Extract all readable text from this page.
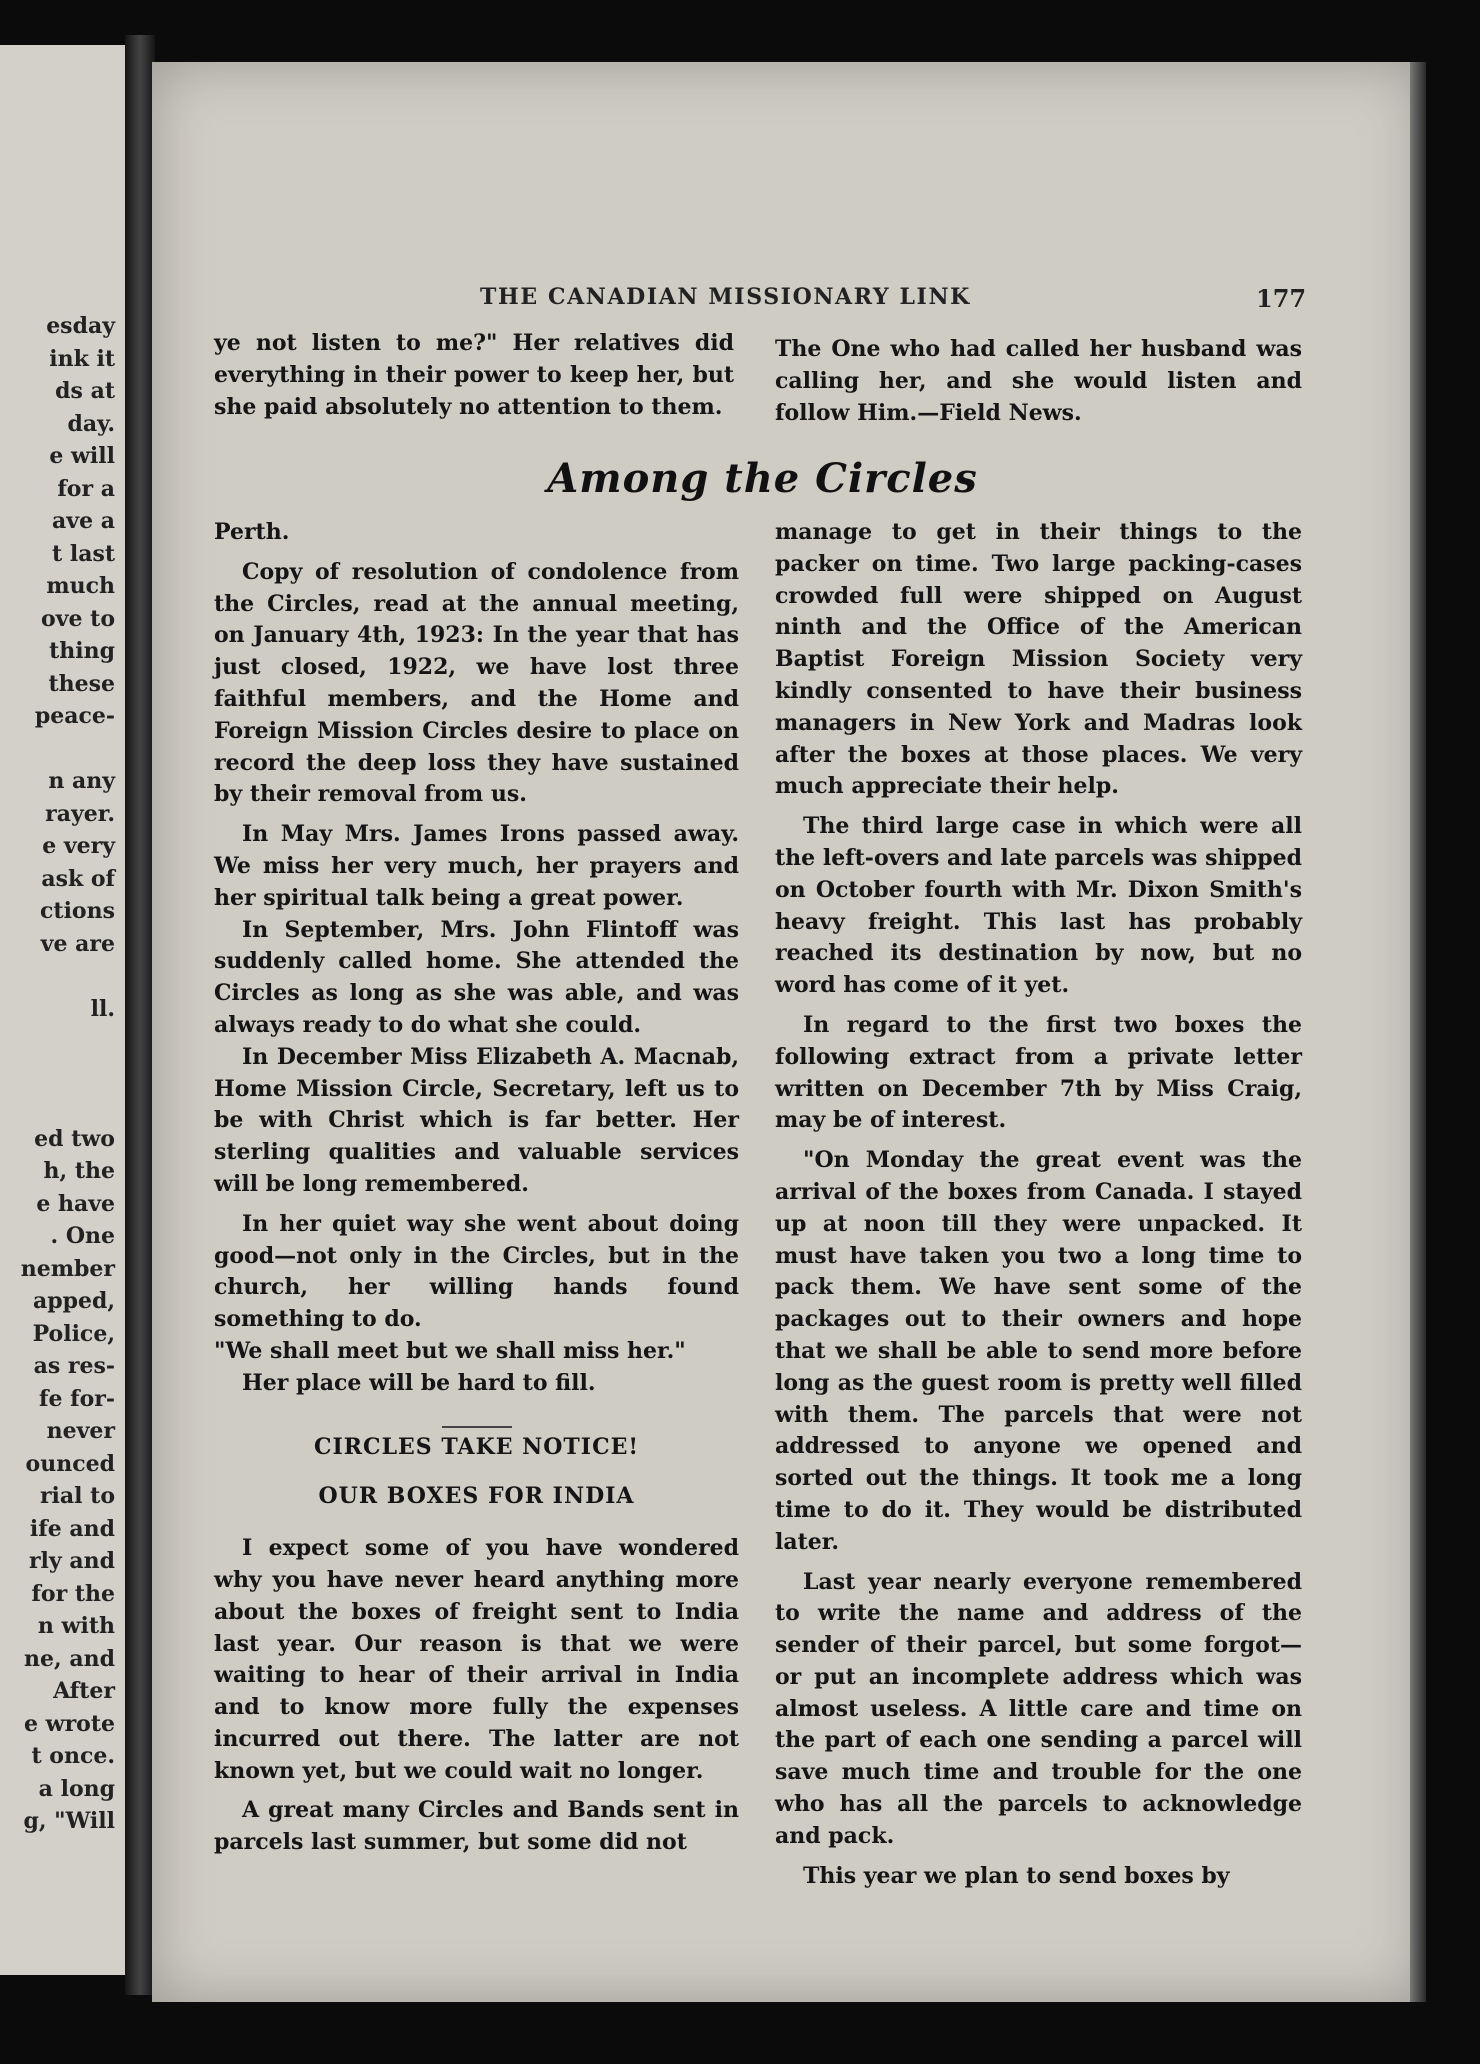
esday
ink it
ds at
day.
e will
for a
ave a
t last
much
ove to
thing
these
peace-
n any
rayer.
e very
ask of
ctions
ve are
ll.
ed two
h, the
e have
. One
nember
apped,
Police,
as res-
fe for-
never
ounced
rial to
ife and
rly and
for the
n with
ne, and
After
e wrote
t once.
a long
g, "Will
THE CANADIAN MISSIONARY LINK	177

ye not listen to me?" Her relatives did everything in their power to keep her, but she paid absolutely no attention to them.

The One who had called her husband was calling her, and she would listen and follow Him.—Field News.

Among the Circles

Perth.

Copy of resolution of condolence from the Circles, read at the annual meeting, on January 4th, 1923: In the year that has just closed, 1922, we have lost three faithful members, and the Home and Foreign Mission Circles desire to place on record the deep loss they have sustained by their removal from us.

In May Mrs. James Irons passed away. We miss her very much, her prayers and her spiritual talk being a great power.

In September, Mrs. John Flintoff was suddenly called home. She attended the Circles as long as she was able, and was always ready to do what she could.

In December Miss Elizabeth A. Macnab, Home Mission Circle, Secretary, left us to be with Christ which is far better. Her sterling qualities and valuable services will be long remembered.

In her quiet way she went about doing good—not only in the Circles, but in the church, her willing hands found something to do.

"We shall meet but we shall miss her."

Her place will be hard to fill.

CIRCLES TAKE NOTICE!

OUR BOXES FOR INDIA

I expect some of you have wondered why you have never heard anything more about the boxes of freight sent to India last year. Our reason is that we were waiting to hear of their arrival in India and to know more fully the expenses incurred out there. The latter are not known yet, but we could wait no longer.

A great many Circles and Bands sent in parcels last summer, but some did not

manage to get in their things to the packer on time. Two large packing-cases crowded full were shipped on August ninth and the Office of the American Baptist Foreign Mission Society very kindly consented to have their business managers in New York and Madras look after the boxes at those places. We very much appreciate their help.

The third large case in which were all the left-overs and late parcels was shipped on October fourth with Mr. Dixon Smith's heavy freight. This last has probably reached its destination by now, but no word has come of it yet.

In regard to the first two boxes the following extract from a private letter written on December 7th by Miss Craig, may be of interest.

"On Monday the great event was the arrival of the boxes from Canada. I stayed up at noon till they were unpacked. It must have taken you two a long time to pack them. We have sent some of the packages out to their owners and hope that we shall be able to send more before long as the guest room is pretty well filled with them. The parcels that were not addressed to anyone we opened and sorted out the things. It took me a long time to do it. They would be distributed later.

Last year nearly everyone remembered to write the name and address of the sender of their parcel, but some forgot—or put an incomplete address which was almost useless. A little care and time on the part of each one sending a parcel will save much time and trouble for the one who has all the parcels to acknowledge and pack.

This year we plan to send boxes by
